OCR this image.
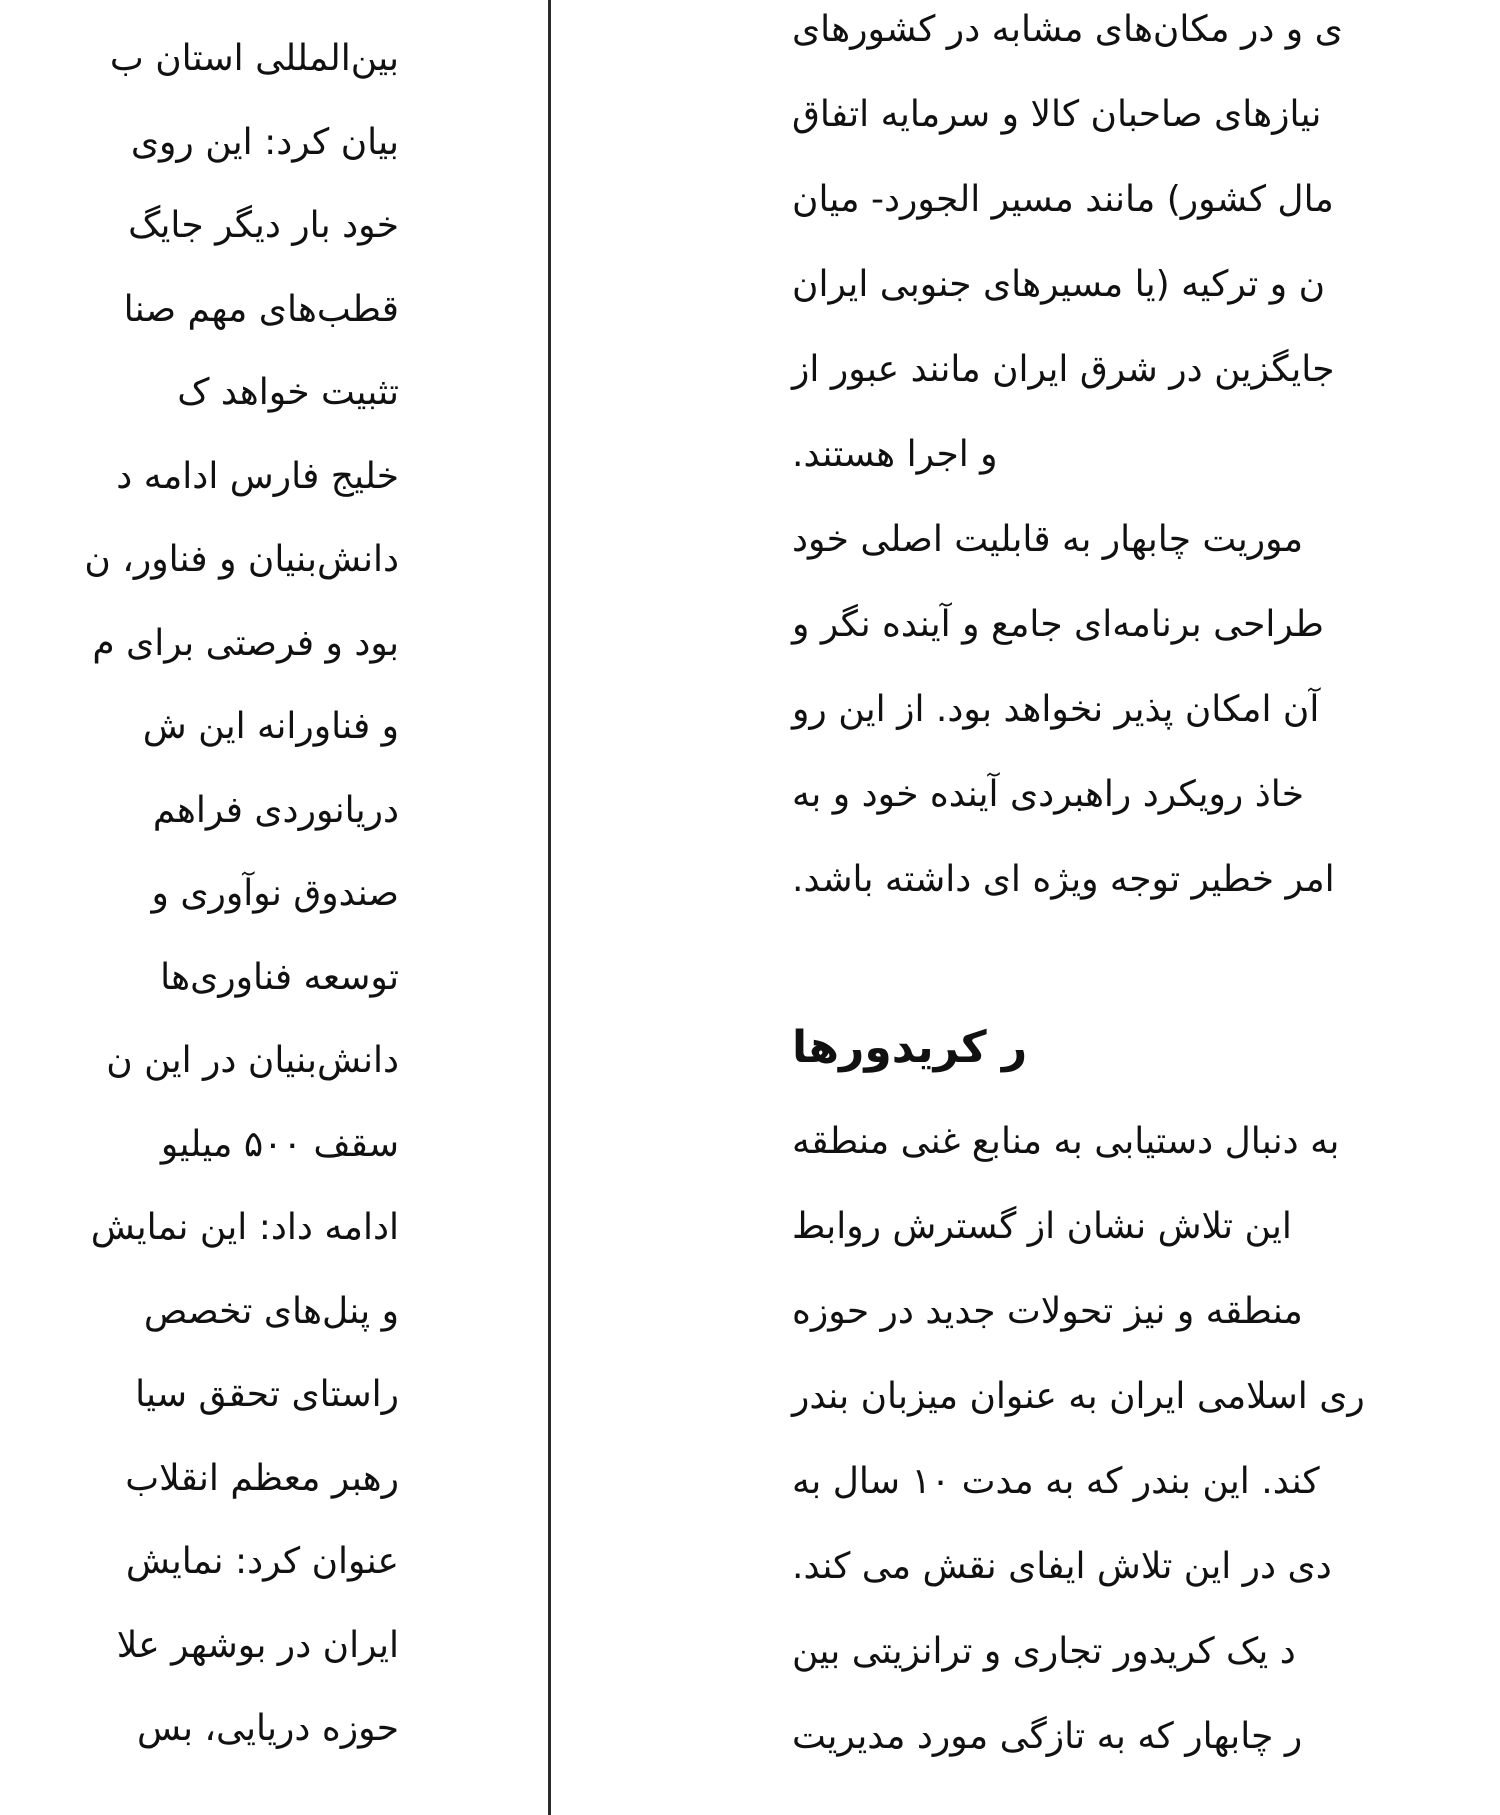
بین‌المللی استان ب
بیان کرد: این روی
خود بار دیگر جایگ
قطب‌های مهم صنا
تثبیت خواهد ک
خلیج فارس ادامه د
دانش‌بنیان و فناور، ن
بود و فرصتی برای م
و فناورانه این ش
دریانوردی فراهم
صندوق نوآوری و
توسعه فناوری‌ها
دانش‌بنیان در این ن
سقف ۵۰۰ میلیو
ادامه داد: این نمایش
و پنل‌های تخصص
راستای تحقق سیا
رهبر معظم انقلاب
عنوان کرد: نمایش
ایران در بوشهر علا
حوزه دریایی، بس
ی و در مکان‌های مشابه در کشورهای
نیازهای صاحبان کالا و سرمایه اتفاق
مال کشور) مانند مسیر الجورد- میان
ن و ترکیه (یا مسیرهای جنوبی ایران
جایگزین در شرق ایران مانند عبور از
و اجرا هستند.
موریت چابهار به قابلیت اصلی خود
طراحی برنامه‌ای جامع و آینده نگر و
آن امکان پذیر نخواهد بود. از این رو
خاذ رویکرد راهبردی آینده خود و به
امر خطیر توجه ویژه ای داشته باشد.
ر کریدورها
به دنبال دستیابی به منابع غنی منطقه
این تلاش نشان از گسترش روابط
منطقه و نیز تحولات جدید در حوزه
ری اسلامی ایران به عنوان میزبان بندر
کند. این بندر که به مدت ۱۰ سال به
دی در این تلاش ایفای نقش می کند.
د یک کریدور تجاری و ترانزیتی بین
ر چابهار که به تازگی مورد مدیریت
